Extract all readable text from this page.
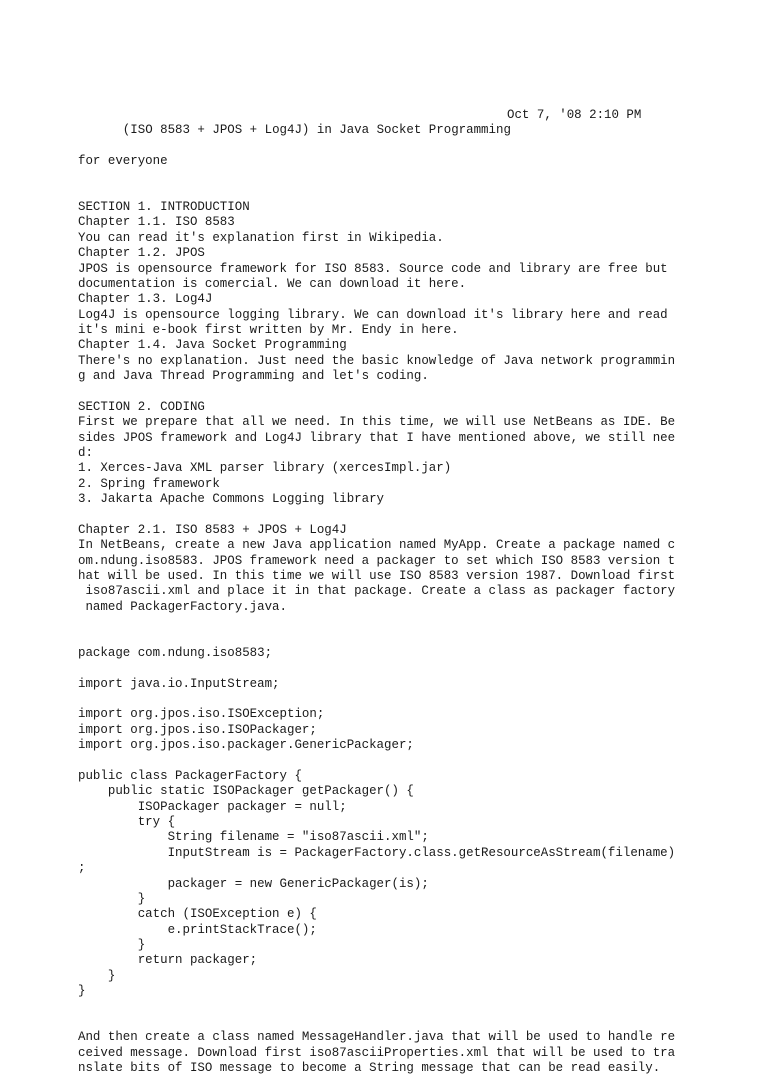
(ISO 8583 + JPOS + Log4J) in Java Socket Programming

Oct 7, '08 2:10 PM

for everyone

SECTION 1. INTRODUCTION
Chapter 1.1. ISO 8583
You can read it's explanation first in Wikipedia.
Chapter 1.2. JPOS
JPOS is opensource framework for ISO 8583. Source code and library are free but
documentation is comercial. We can download it here.
Chapter 1.3. Log4J
Log4J is opensource logging library. We can download it's library here and read
it's mini e-book first written by Mr. Endy in here.
Chapter 1.4. Java Socket Programming
There's no explanation. Just need the basic knowledge of Java network programmin
g and Java Thread Programming and let's coding.
SECTION 2. CODING
First we prepare that all we need. In this time, we will use NetBeans as IDE. Be
sides JPOS framework and Log4J library that I have mentioned above, we still nee
d:
1. Xerces-Java XML parser library (xercesImpl.jar)
2. Spring framework
3. Jakarta Apache Commons Logging library
Chapter 2.1. ISO 8583 + JPOS + Log4J
In NetBeans, create a new Java application named MyApp. Create a package named c
om.ndung.iso8583. JPOS framework need a packager to set which ISO 8583 version t
hat will be used. In this time we will use ISO 8583 version 1987. Download first
iso87ascii.xml and place it in that package. Create a class as packager factory
named PackagerFactory.java.
package com.ndung.iso8583;
import java.io.InputStream;
import org.jpos.iso.ISOException;
import org.jpos.iso.ISOPackager;
import org.jpos.iso.packager.GenericPackager;
public class PackagerFactory {
public static ISOPackager getPackager() {
ISOPackager packager = null;
try {
String filename = "iso87ascii.xml";
InputStream is = PackagerFactory.class.getResourceAsStream(filename)
;
packager = new GenericPackager(is);
}
catch (ISOException e) {
e.printStackTrace();
}
return packager;
}
}
And then create a class named MessageHandler.java that will be used to handle re
ceived message. Download first iso87asciiProperties.xml that will be used to tra
nslate bits of ISO message to become a String message that can be read easily.
